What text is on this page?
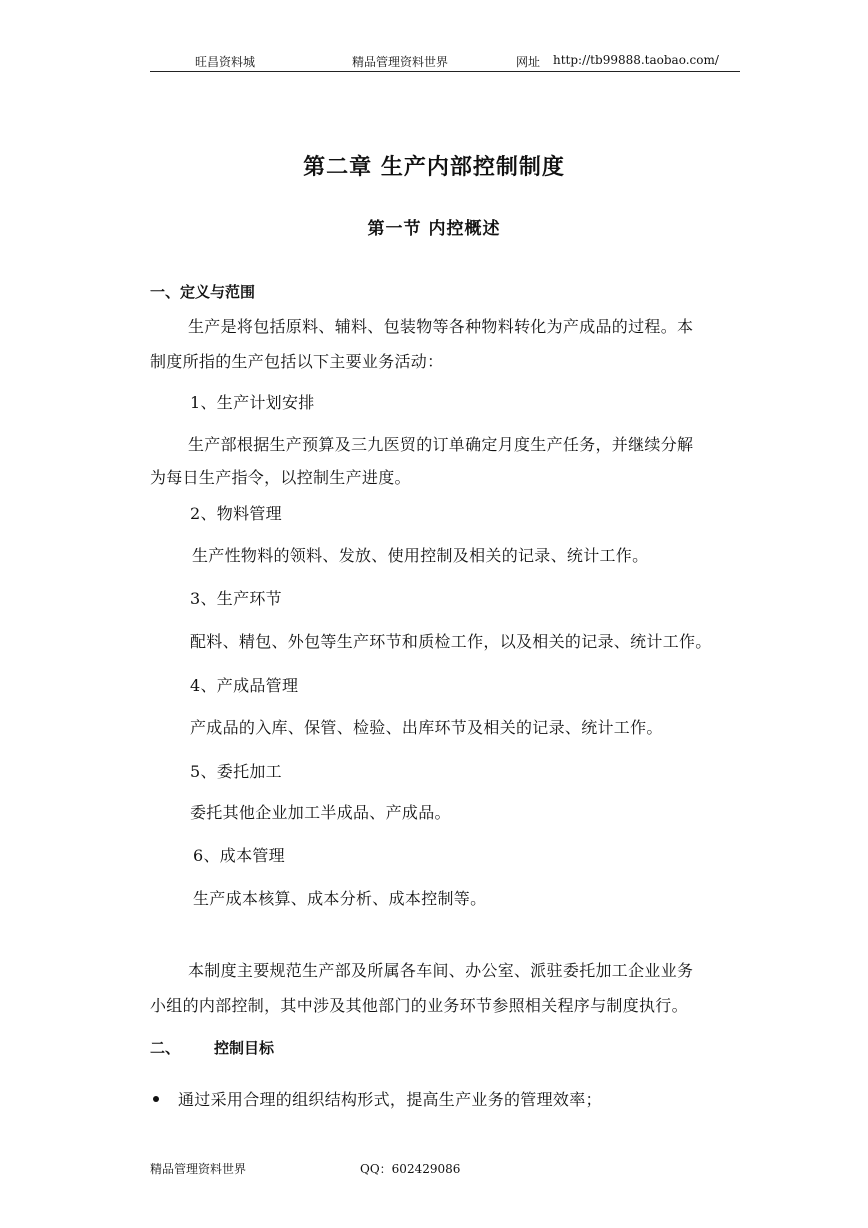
旺昌资料城	精品管理资料世界	网址 http://tb99888.taobao.com/
第二章 生产内部控制制度
第一节 内控概述
一、定义与范围
生产是将包括原料、辅料、包装物等各种物料转化为产成品的过程。本
制度所指的生产包括以下主要业务活动：
1、生产计划安排
生产部根据生产预算及三九医贸的订单确定月度生产任务，并继续分解
为每日生产指令，以控制生产进度。
2、物料管理
生产性物料的领料、发放、使用控制及相关的记录、统计工作。
3、生产环节
配料、精包、外包等生产环节和质检工作，以及相关的记录、统计工作。
4、产成品管理
产成品的入库、保管、检验、出库环节及相关的记录、统计工作。
5、委托加工
委托其他企业加工半成品、产成品。
6、成本管理
生产成本核算、成本分析、成本控制等。
本制度主要规范生产部及所属各车间、办公室、派驻委托加工企业业务
小组的内部控制，其中涉及其他部门的业务环节参照相关程序与制度执行。
二、 控制目标
通过采用合理的组织结构形式，提高生产业务的管理效率；
精品管理资料世界	QQ：602429086
